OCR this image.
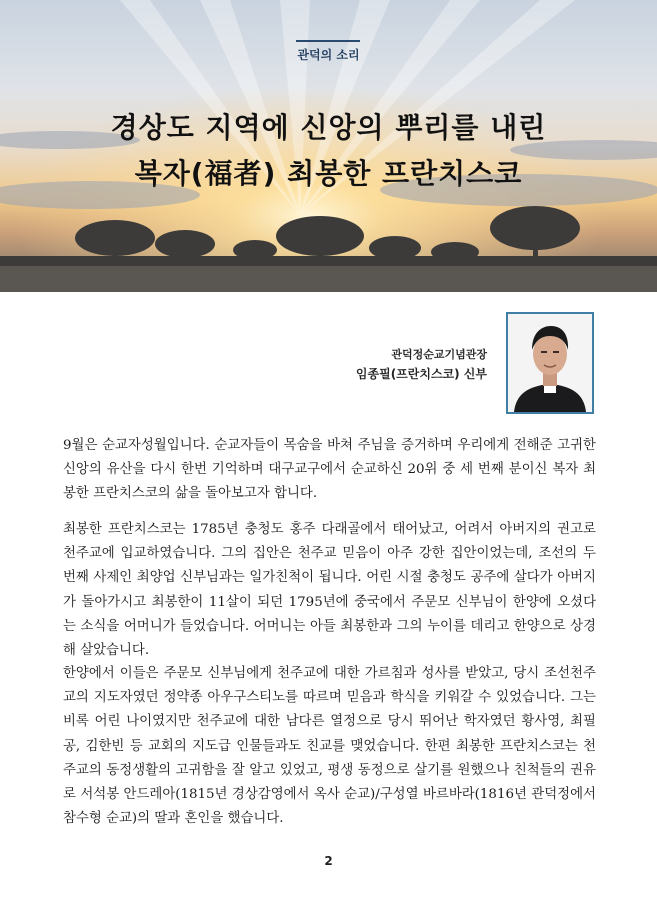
관덕의 소리
경상도 지역에 신앙의 뿌리를 내린
복자(福者) 최봉한 프란치스코
관덕정순교기념관장
임종필(프란치스코) 신부
9월은 순교자성월입니다. 순교자들이 목숨을 바쳐 주님을 증거하며 우리에게 전해준 고귀한 신앙의 유산을 다시 한번 기억하며 대구교구에서 순교하신 20위 중 세 번째 분이신 복자 최봉한 프란치스코의 삶을 돌아보고자 합니다.
최봉한 프란치스코는 1785년 충청도 홍주 다래골에서 태어났고, 어려서 아버지의 권고로 천주교에 입교하였습니다. 그의 집안은 천주교 믿음이 아주 강한 집안이었는데, 조선의 두 번째 사제인 최양업 신부님과는 일가친척이 됩니다. 어린 시절 충청도 공주에 살다가 아버지가 돌아가시고 최봉한이 11살이 되던 1795년에 중국에서 주문모 신부님이 한양에 오셨다는 소식을 어머니가 들었습니다. 어머니는 아들 최봉한과 그의 누이를 데리고 한양으로 상경해 살았습니다.
한양에서 이들은 주문모 신부님에게 천주교에 대한 가르침과 성사를 받았고, 당시 조선천주교의 지도자였던 정약종 아우구스티노를 따르며 믿음과 학식을 키워갈 수 있었습니다. 그는 비록 어린 나이였지만 천주교에 대한 남다른 열정으로 당시 뛰어난 학자였던 황사영, 최필공, 김한빈 등 교회의 지도급 인물들과도 친교를 맺었습니다. 한편 최봉한 프란치스코는 천주교의 동정생활의 고귀함을 잘 알고 있었고, 평생 동정으로 살기를 원했으나 친척들의 권유로 서석봉 안드레아(1815년 경상감영에서 옥사 순교)/구성열 바르바라(1816년 관덕정에서 참수형 순교)의 딸과 혼인을 했습니다.
2
